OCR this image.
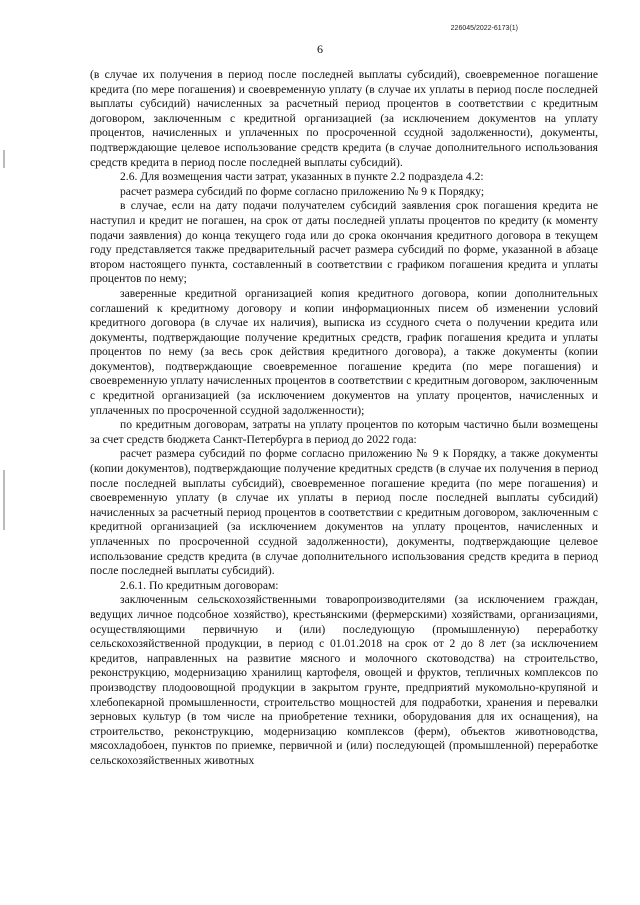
226045/2022-6173(1)
6

(в случае их получения в период после последней выплаты субсидий), своевременное погашение кредита (по мере погашения) и своевременную уплату (в случае их уплаты в период после последней выплаты субсидий) начисленных за расчетный период процентов в соответствии с кредитным договором, заключенным с кредитной организацией (за исключением документов на уплату процентов, начисленных и уплаченных по просроченной ссудной задолженности), документы, подтверждающие целевое использование средств кредита (в случае дополнительного использования средств кредита в период после последней выплаты субсидий).

2.6. Для возмещения части затрат, указанных в пункте 2.2 подраздела 4.2:

расчет размера субсидий по форме согласно приложению № 9 к Порядку;

в случае, если на дату подачи получателем субсидий заявления срок погашения кредита не наступил и кредит не погашен, на срок от даты последней уплаты процентов по кредиту (к моменту подачи заявления) до конца текущего года или до срока окончания кредитного договора в текущем году представляется также предварительный расчет размера субсидий по форме, указанной в абзаце втором настоящего пункта, составленный в соответствии с графиком погашения кредита и уплаты процентов по нему;

заверенные кредитной организацией копия кредитного договора, копии дополнительных соглашений к кредитному договору и копии информационных писем об изменении условий кредитного договора (в случае их наличия), выписка из ссудного счета о получении кредита или документы, подтверждающие получение кредитных средств, график погашения кредита и уплаты процентов по нему (за весь срок действия кредитного договора), а также документы (копии документов), подтверждающие своевременное погашение кредита (по мере погашения) и своевременную уплату начисленных процентов в соответствии с кредитным договором, заключенным с кредитной организацией (за исключением документов на уплату процентов, начисленных и уплаченных по просроченной ссудной задолженности);

по кредитным договорам, затраты на уплату процентов по которым частично были возмещены за счет средств бюджета Санкт-Петербурга в период до 2022 года:

расчет размера субсидий по форме согласно приложению № 9 к Порядку, а также документы (копии документов), подтверждающие получение кредитных средств (в случае их получения в период после последней выплаты субсидий), своевременное погашение кредита (по мере погашения) и своевременную уплату (в случае их уплаты в период после последней выплаты субсидий) начисленных за расчетный период процентов в соответствии с кредитным договором, заключенным с кредитной организацией (за исключением документов на уплату процентов, начисленных и уплаченных по просроченной ссудной задолженности), документы, подтверждающие целевое использование средств кредита (в случае дополнительного использования средств кредита в период после последней выплаты субсидий).

2.6.1. По кредитным договорам:

заключенным сельскохозяйственными товаропроизводителями (за исключением граждан, ведущих личное подсобное хозяйство), крестьянскими (фермерскими) хозяйствами, организациями, осуществляющими первичную и (или) последующую (промышленную) переработку сельскохозяйственной продукции, в период с 01.01.2018 на срок от 2 до 8 лет (за исключением кредитов, направленных на развитие мясного и молочного скотоводства) на строительство, реконструкцию, модернизацию хранилищ картофеля, овощей и фруктов, тепличных комплексов по производству плодоовощной продукции в закрытом грунте, предприятий мукомольно-крупяной и хлебопекарной промышленности, строительство мощностей для подработки, хранения и перевалки зерновых культур (в том числе на приобретение техники, оборудования для их оснащения), на строительство, реконструкцию, модернизацию комплексов (ферм), объектов животноводства, мясохладобоен, пунктов по приемке, первичной и (или) последующей (промышленной) переработке сельскохозяйственных животных
